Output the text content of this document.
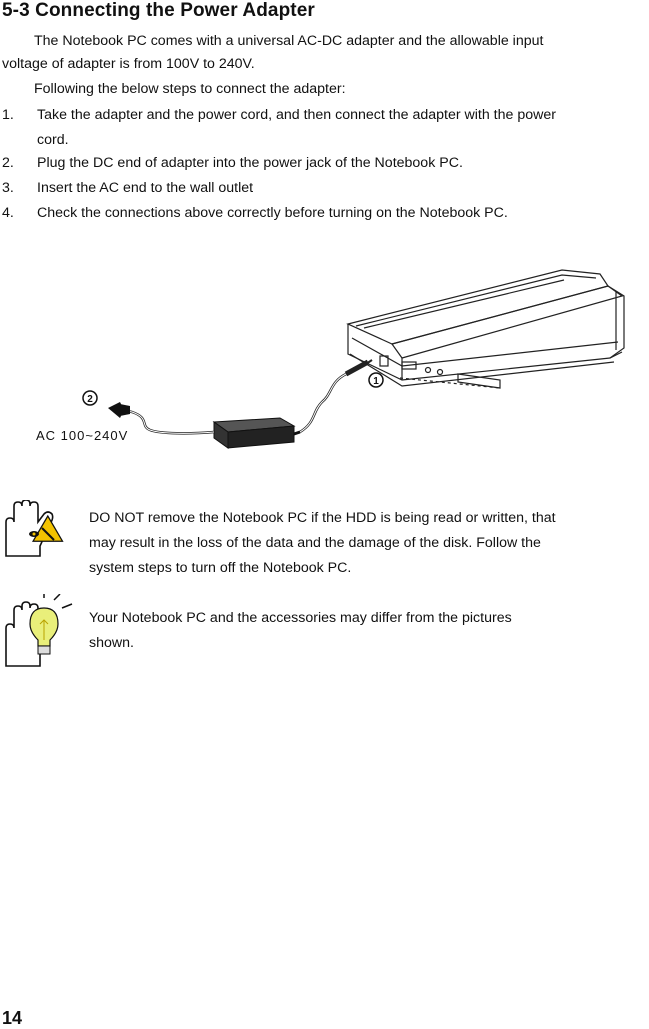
5-3 Connecting the Power Adapter
The Notebook PC comes with a universal AC-DC adapter and the allowable input
voltage of adapter is from 100V to 240V.
Following the below steps to connect the adapter:
1. Take the adapter and the power cord, and then connect the adapter with the power
cord.
2. Plug the DC end of adapter into the power jack of the Notebook PC.
3. Insert the AC end to the wall outlet
4. Check the connections above correctly before turning on the Notebook PC.
2
1
AC 100~240V
DO NOT remove the Notebook PC if the HDD is being read or written, that
may result in the loss of the data and the damage of the disk. Follow the
system steps to turn off the Notebook PC.
Your Notebook PC and the accessories may differ from the pictures
shown.
14
